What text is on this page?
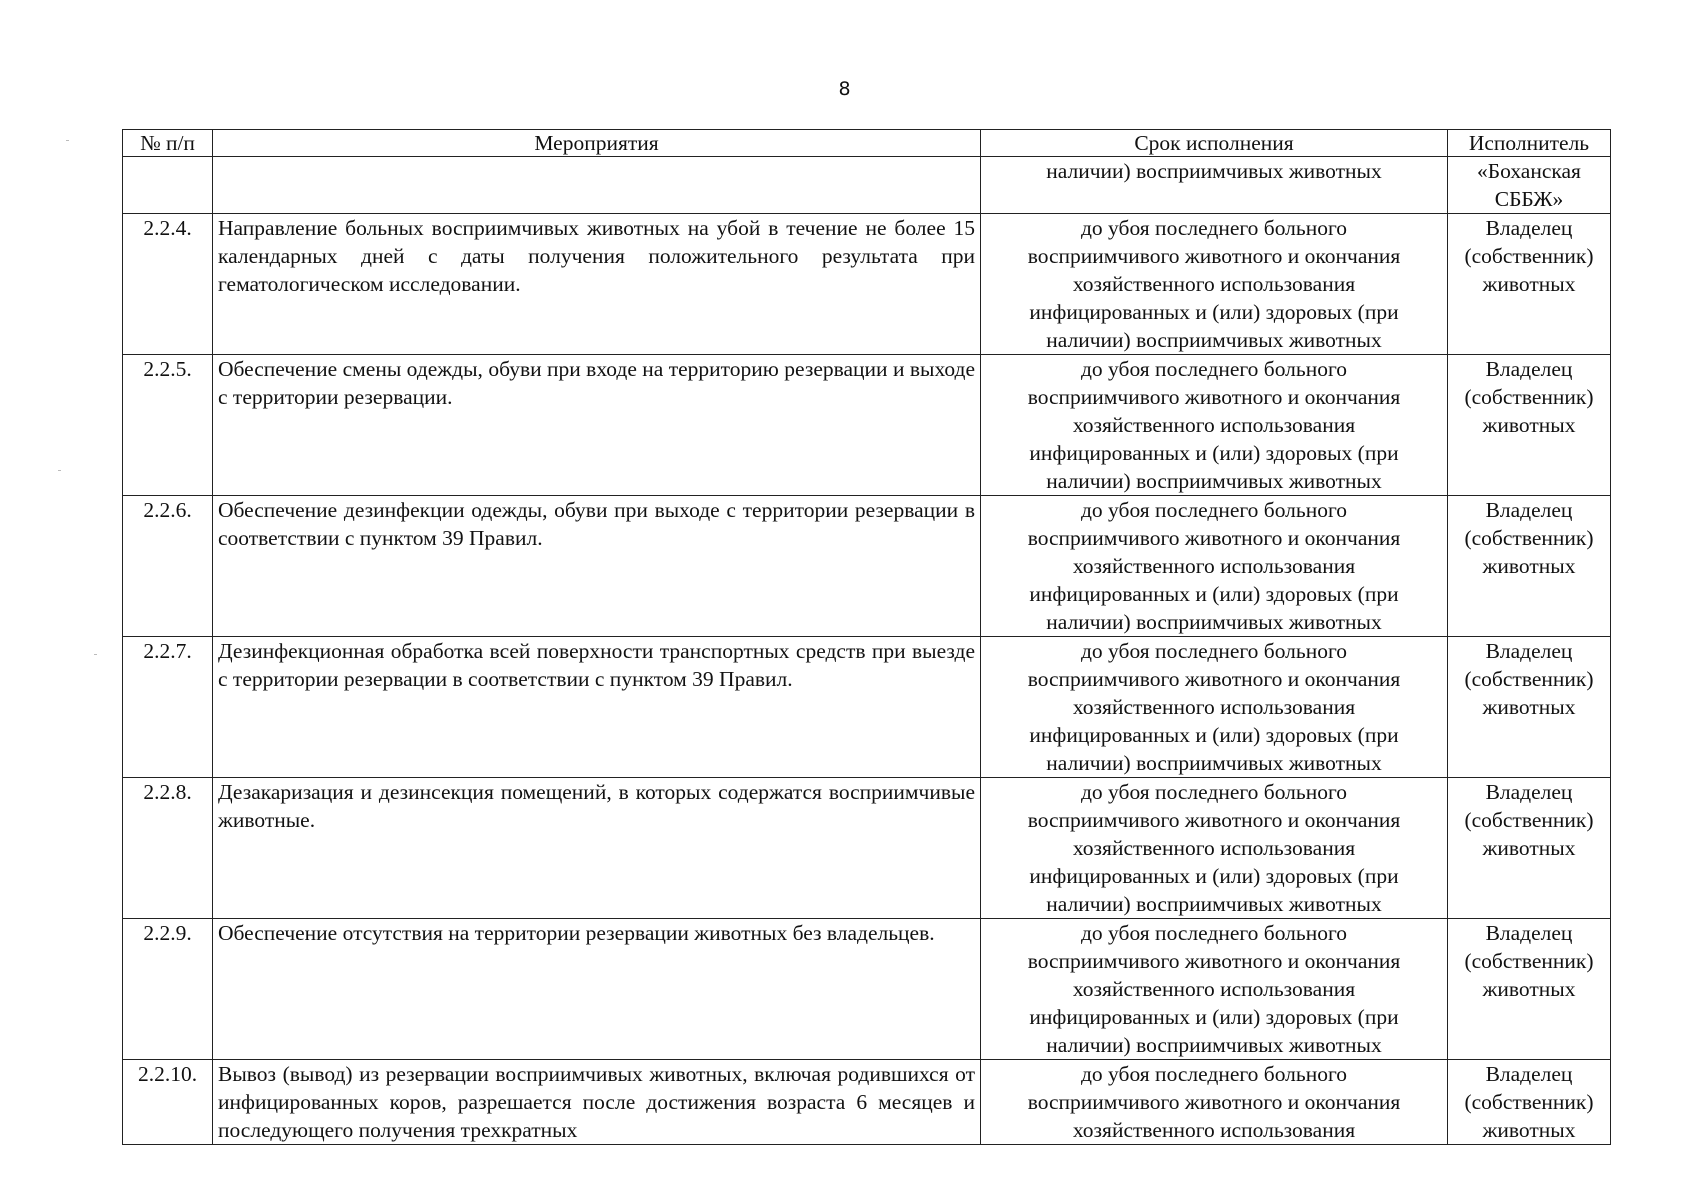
8
№ п/п	Мероприятия	Срок исполнения	Исполнитель

		наличии) восприимчивых животных	«Боханская
СББЖ»

2.2.4.	Направление больных восприимчивых животных на убой в течение не более 15 календарных дней с даты получения положительного результата при гематологическом исследовании.	до убоя последнего больного
восприимчивого животного и окончания
хозяйственного использования
инфицированных и (или) здоровых (при
наличии) восприимчивых животных	Владелец
(собственник)
животных

2.2.5.	Обеспечение смены одежды, обуви при входе на территорию резервации и выходе с территории резервации.	до убоя последнего больного
восприимчивого животного и окончания
хозяйственного использования
инфицированных и (или) здоровых (при
наличии) восприимчивых животных	Владелец
(собственник)
животных

2.2.6.	Обеспечение дезинфекции одежды, обуви при выходе с территории резервации в соответствии с пунктом 39 Правил.	до убоя последнего больного
восприимчивого животного и окончания
хозяйственного использования
инфицированных и (или) здоровых (при
наличии) восприимчивых животных	Владелец
(собственник)
животных

2.2.7.	Дезинфекционная обработка всей поверхности транспортных средств при выезде с территории резервации в соответствии с пунктом 39 Правил.	до убоя последнего больного
восприимчивого животного и окончания
хозяйственного использования
инфицированных и (или) здоровых (при
наличии) восприимчивых животных	Владелец
(собственник)
животных

2.2.8.	Дезакаризация и дезинсекция помещений, в которых содержатся восприимчивые животные.	до убоя последнего больного
восприимчивого животного и окончания
хозяйственного использования
инфицированных и (или) здоровых (при
наличии) восприимчивых животных	Владелец
(собственник)
животных

2.2.9.	Обеспечение отсутствия на территории резервации животных без владельцев.	до убоя последнего больного
восприимчивого животного и окончания
хозяйственного использования
инфицированных и (или) здоровых (при
наличии) восприимчивых животных	Владелец
(собственник)
животных

2.2.10.	Вывоз (вывод) из резервации восприимчивых животных, включая родившихся от инфицированных коров, разрешается после достижения возраста 6 месяцев и последующего получения трехкратных	до убоя последнего больного
восприимчивого животного и окончания
хозяйственного использования	Владелец
(собственник)
животных
